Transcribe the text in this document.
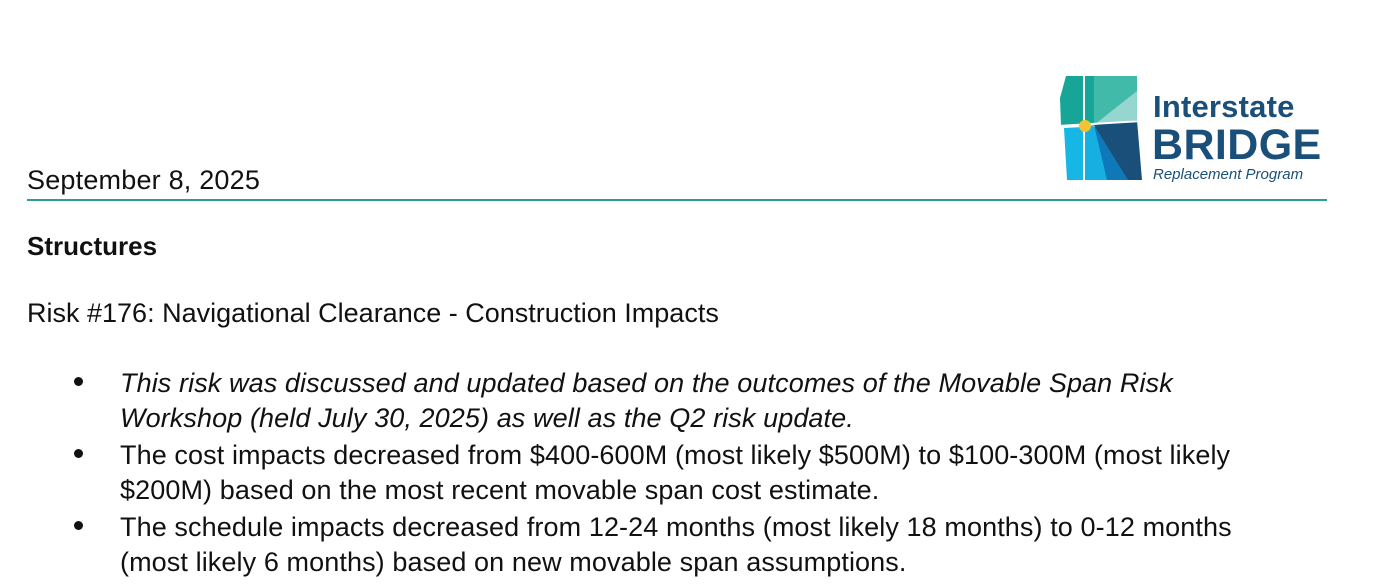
September 8, 2025
Interstate
BRIDGE
Replacement Program
Structures
Risk #176: Navigational Clearance - Construction Impacts
This risk was discussed and updated based on the outcomes of the Movable Span Risk Workshop (held July 30, 2025) as well as the Q2 risk update.
The cost impacts decreased from $400-600M (most likely $500M) to $100-300M (most likely $200M) based on the most recent movable span cost estimate.
The schedule impacts decreased from 12-24 months (most likely 18 months) to 0-12 months (most likely 6 months) based on new movable span assumptions.
